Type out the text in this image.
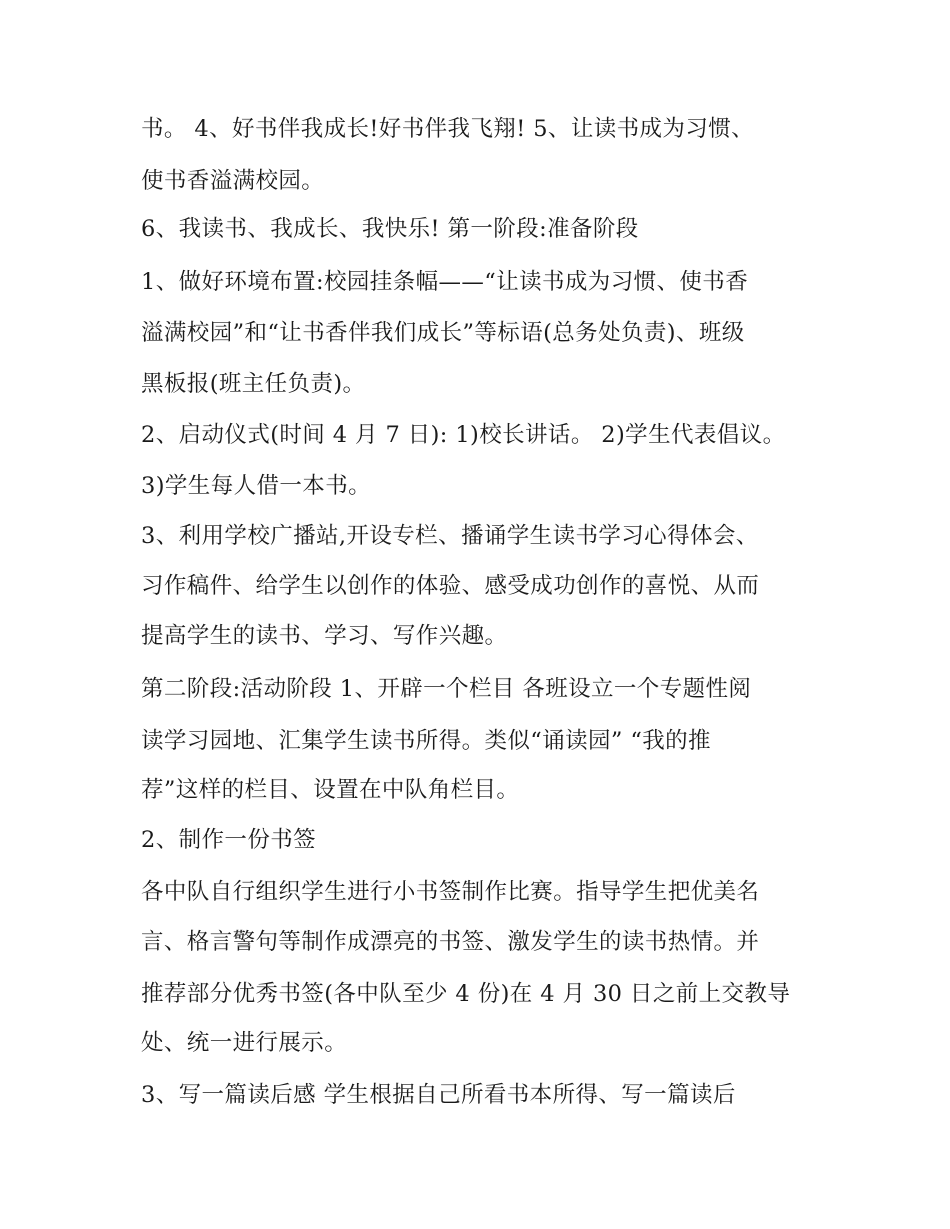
书。 4、好书伴我成长!好书伴我飞翔! 5、让读书成为习惯、
使书香溢满校园。
6、我读书、我成长、我快乐! 第一阶段:准备阶段
1、做好环境布置:校园挂条幅——“让读书成为习惯、使书香
溢满校园”和“让书香伴我们成长”等标语(总务处负责)、班级
黑板报(班主任负责)。
2、启动仪式(时间 4 月 7 日): 1)校长讲话。 2)学生代表倡议。
3)学生每人借一本书。
3、利用学校广播站,开设专栏、播诵学生读书学习心得体会、
习作稿件、给学生以创作的体验、感受成功创作的喜悦、从而
提高学生的读书、学习、写作兴趣。
第二阶段:活动阶段 1、开辟一个栏目 各班设立一个专题性阅
读学习园地、汇集学生读书所得。类似“诵读园” “我的推
荐”这样的栏目、设置在中队角栏目。
2、制作一份书签
各中队自行组织学生进行小书签制作比赛。指导学生把优美名
言、格言警句等制作成漂亮的书签、激发学生的读书热情。并
推荐部分优秀书签(各中队至少 4 份)在 4 月 30 日之前上交教导
处、统一进行展示。
3、写一篇读后感 学生根据自己所看书本所得、写一篇读后
